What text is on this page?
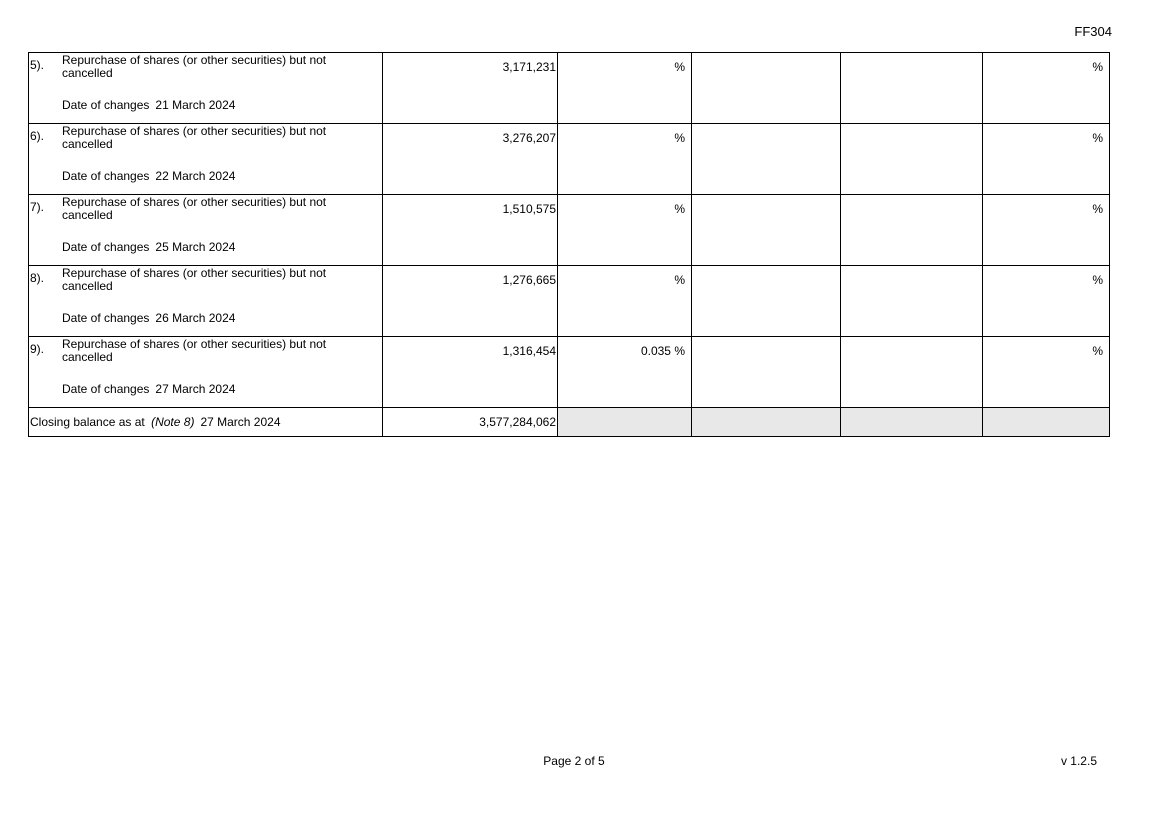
FF304
5). Repurchase of shares (or other securities) but not cancelled
Date of changes 21 March 2024	3,171,231	%			%

6). Repurchase of shares (or other securities) but not cancelled
Date of changes 22 March 2024	3,276,207	%			%

7). Repurchase of shares (or other securities) but not cancelled
Date of changes 25 March 2024	1,510,575	%			%

8). Repurchase of shares (or other securities) but not cancelled
Date of changes 26 March 2024	1,276,665	%			%

9). Repurchase of shares (or other securities) but not cancelled
Date of changes 27 March 2024	1,316,454	0.035 %			%
Closing balance as at (Note 8) 27 March 2024	3,577,284,062				
Page 2 of 5	v 1.2.5
